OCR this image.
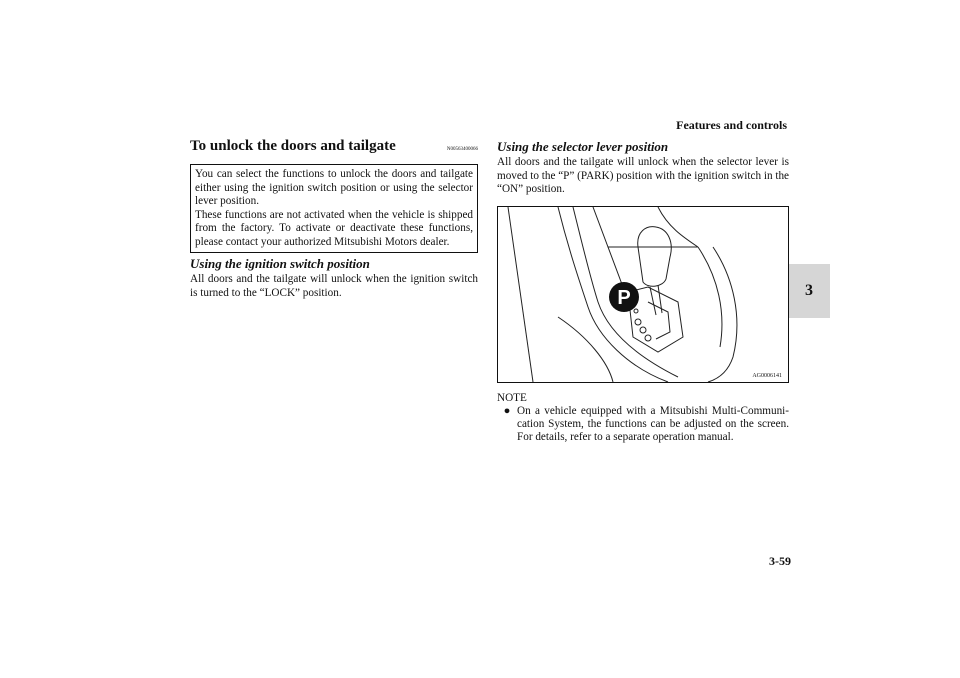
Features and controls
3
To unlock the doors and tailgate	N00563400066

You can select the functions to unlock the doors and tailgate either using the ignition switch position or using the selector lever position.

These functions are not activated when the vehicle is shipped from the factory. To activate or deactivate these functions, please contact your authorized Mitsubishi Motors dealer.

Using the ignition switch position

All doors and the tailgate will unlock when the ignition switch is turned to the “LOCK” position.

Using the selector lever position

All doors and the tailgate will unlock when the selector lever is moved to the “P” (PARK) position with the ignition switch in the “ON” position.

P
AG0006141
NOTE
● On a vehicle equipped with a Mitsubishi Multi-Communi-cation System, the functions can be adjusted on the screen. For details, refer to a separate operation manual.
3-59
